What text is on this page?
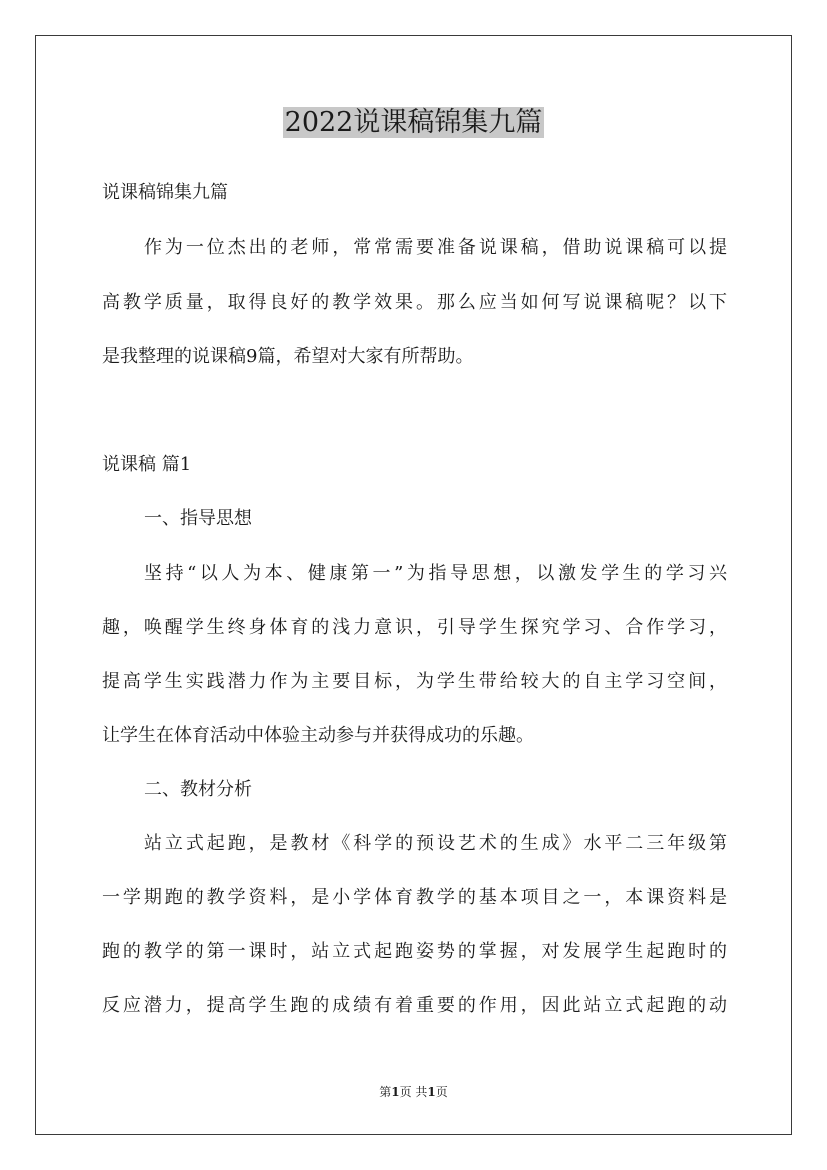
2022说课稿锦集九篇
说课稿锦集九篇
作为一位杰出的老师，常常需要准备说课稿，借助说课稿可以提
高教学质量，取得良好的教学效果。那么应当如何写说课稿呢？以下
是我整理的说课稿9篇，希望对大家有所帮助。
说课稿 篇1
一、指导思想
坚持“以人为本、健康第一”为指导思想，以激发学生的学习兴
趣，唤醒学生终身体育的浅力意识，引导学生探究学习、合作学习，
提高学生实践潜力作为主要目标，为学生带给较大的自主学习空间，
让学生在体育活动中体验主动参与并获得成功的乐趣。
二、教材分析
站立式起跑，是教材《科学的预设艺术的生成》水平二三年级第
一学期跑的教学资料，是小学体育教学的基本项目之一，本课资料是
跑的教学的第一课时，站立式起跑姿势的掌握，对发展学生起跑时的
反应潜力，提高学生跑的成绩有着重要的作用，因此站立式起跑的动
第1页 共1页
